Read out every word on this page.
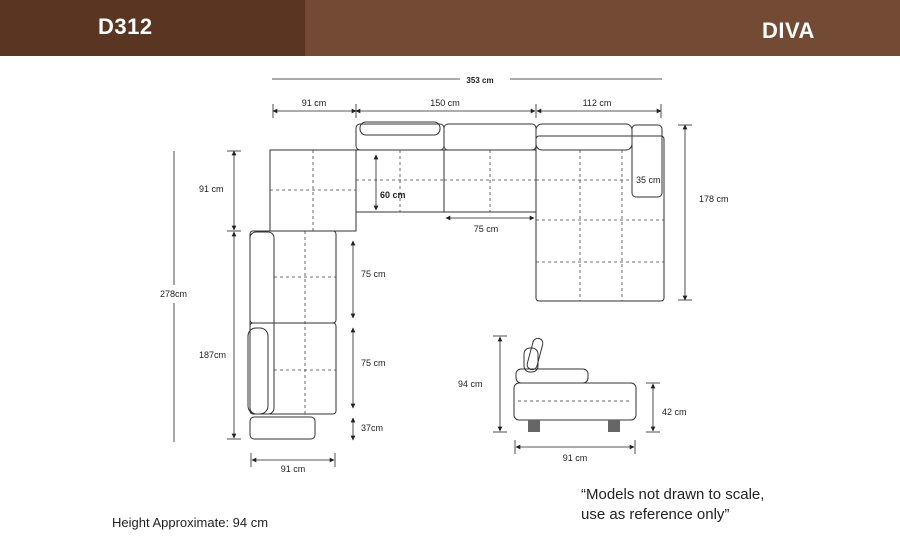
D312	DIVA
353 cm
91 cm	150 cm	112 cm
278cm
91 cm
187cm
60 cm
75 cm
75 cm
75 cm
37cm
178 cm
35 cm
91 cm
94 cm
42 cm
91 cm
Height Approximate: 94 cm
“Models not drawn to scale,
use as reference only”
